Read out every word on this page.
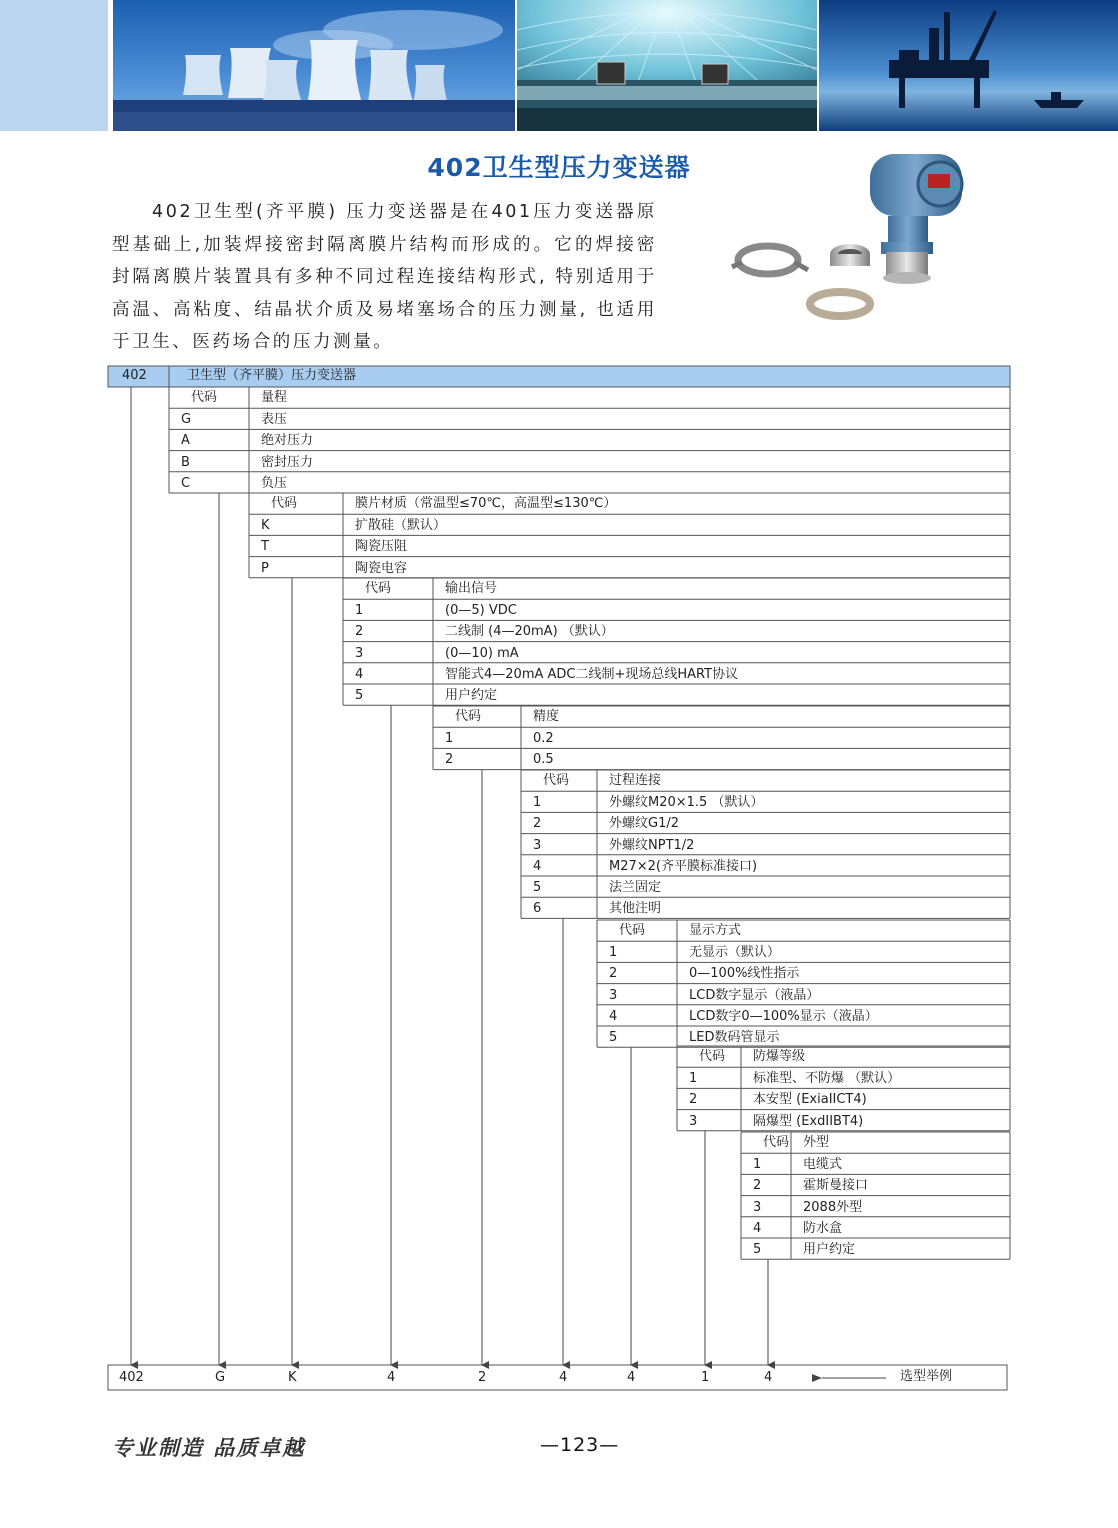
402卫生型压力变送器

402卫生型(齐平膜) 压力变送器是在401压力变送器原型基础上,加装焊接密封隔离膜片结构而形成的。它的焊接密封隔离膜片装置具有多种不同过程连接结构形式, 特别适用于高温、高粘度、结晶状介质及易堵塞场合的压力测量, 也适用于卫生、医药场合的压力测量。

402	卫生型（齐平膜）压力变送器
代码	量程
G	表压
A	绝对压力
B	密封压力
C	负压
代码	膜片材质（常温型≤70℃，高温型≤130℃）
K	扩散硅（默认）
T	陶瓷压阻
P	陶瓷电容
代码	输出信号
1	(0—5) VDC
2	二线制 (4—20mA) （默认）
3	(0—10) mA
4	智能式4—20mA ADC二线制+现场总线HART协议
5	用户约定
代码	精度
1	0.2
2	0.5
代码	过程连接
1	外螺纹M20×1.5 （默认）
2	外螺纹G1/2
3	外螺纹NPT1/2
4	M27×2(齐平膜标准接口)
5	法兰固定
6	其他注明
代码	显示方式
1	无显示（默认）
2	0—100%线性指示
3	LCD数字显示（液晶）
4	LCD数字0—100%显示（液晶）
5	LED数码管显示
代码 防爆等级
1	标准型、不防爆 （默认）
2	本安型 (ExiaIICT4)
3	隔爆型 (ExdIIBT4)
代码 外型
1	电缆式
2	霍斯曼接口
3	2088外型
4	防水盒
5	用户约定
402	G	K	4	2	4	4	1	4	选型举例
专业制造 品质卓越	—123—
